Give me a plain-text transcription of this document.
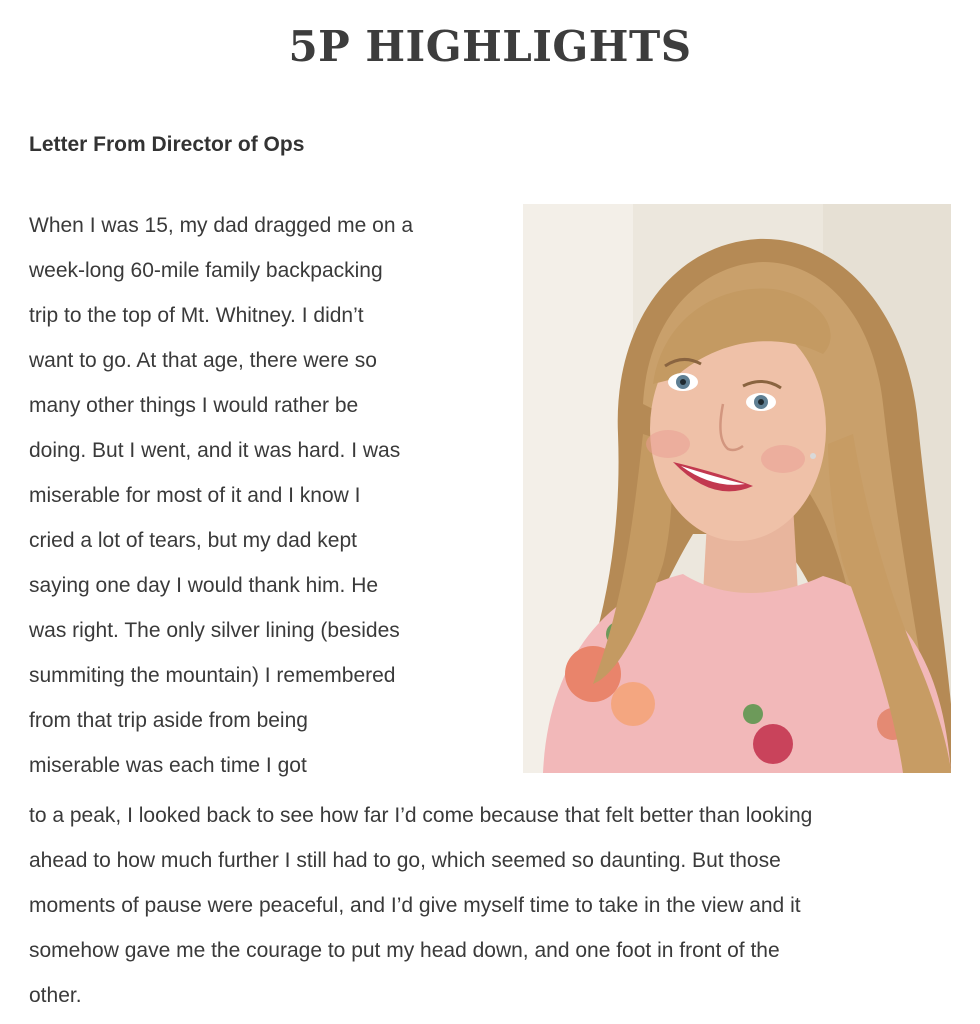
5P HIGHLIGHTS
Letter From Director of Ops

When I was 15, my dad dragged me on a
week-long 60-mile family backpacking
trip to the top of Mt. Whitney. I didn’t
want to go. At that age, there were so
many other things I would rather be
doing. But I went, and it was hard. I was
miserable for most of it and I know I
cried a lot of tears, but my dad kept
saying one day I would thank him. He
was right. The only silver lining (besides
summiting the mountain) I remembered
from that trip aside from being
miserable was each time I got

to a peak, I looked back to see how far I’d come because that felt better than looking
ahead to how much further I still had to go, which seemed so daunting. But those
moments of pause were peaceful, and I’d give myself time to take in the view and it
somehow gave me the courage to put my head down, and one foot in front of the
other.
